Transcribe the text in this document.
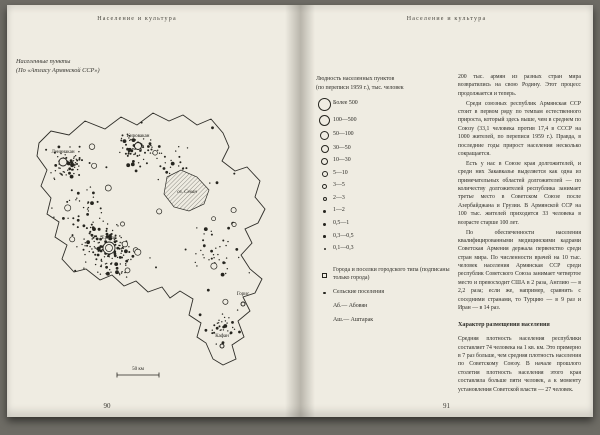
Население и культура
Населенные пункты
(По «Атласу Армянской ССР»)
Ленинакан
Кировакан
оз. Севан
Ереван
Горис
Кафан
50 км
90
Население и культура
Людность населенных пунктов
(по переписи 1959 г.), тыс. человек
Более 500
100—500
50—100
30—50
10—30
5—10
3—5
2—3
1—2
0,5—1
0,3—0,5
0,1—0,3
Города и поселки городского типа (подписаны только города)
Сельские поселения
Аб.— Абовян
Аш.— Аштарак

200 тыс. армян из разных стран мира возвратились на свою Родину. Этот процесс продолжается и теперь.

Среди союзных республик Армянская ССР стоит в первом ряду по темпам естественного прироста, который здесь выше, чем в среднем по Союзу (33,1 человека против 17,4 в СССР на 1000 жителей, по переписи 1959 г.). Правда, в последние годы прирост населения несколько сокращается.

Есть у нас в Союзе края долгожителей, и среди них Закавказье выделяется как одна из примечательных областей долгожителей — по количеству долгожителей республика занимает третье место в Советском Союзе после Азербайджана и Грузии. В Армянской ССР на 100 тыс. жителей приходится 33 человека в возрасте старше 100 лет.

По обеспеченности населения квалифицированными медицинскими кадрами Советская Армения держала первенство среди стран мира. По численности врачей на 10 тыс. человек населения Армянская ССР среди республик Советского Союза занимает четвертое место и превосходит США в 2 раза, Англию — в 2,2 раза; если же, например, сравнить с соседними странами, то Турцию — в 9 раз и Иран — в 14 раз.

Характер размещения населения

Средняя плотность населения республики составляет 74 человека на 1 кв. км. Это примерно в 7 раз больше, чем средняя плотность населения по Советскому Союзу. В начале прошлого столетия плотность населения этого края составляла больше пяти человек, а к моменту установления Советской власти — 27 человек.

91
